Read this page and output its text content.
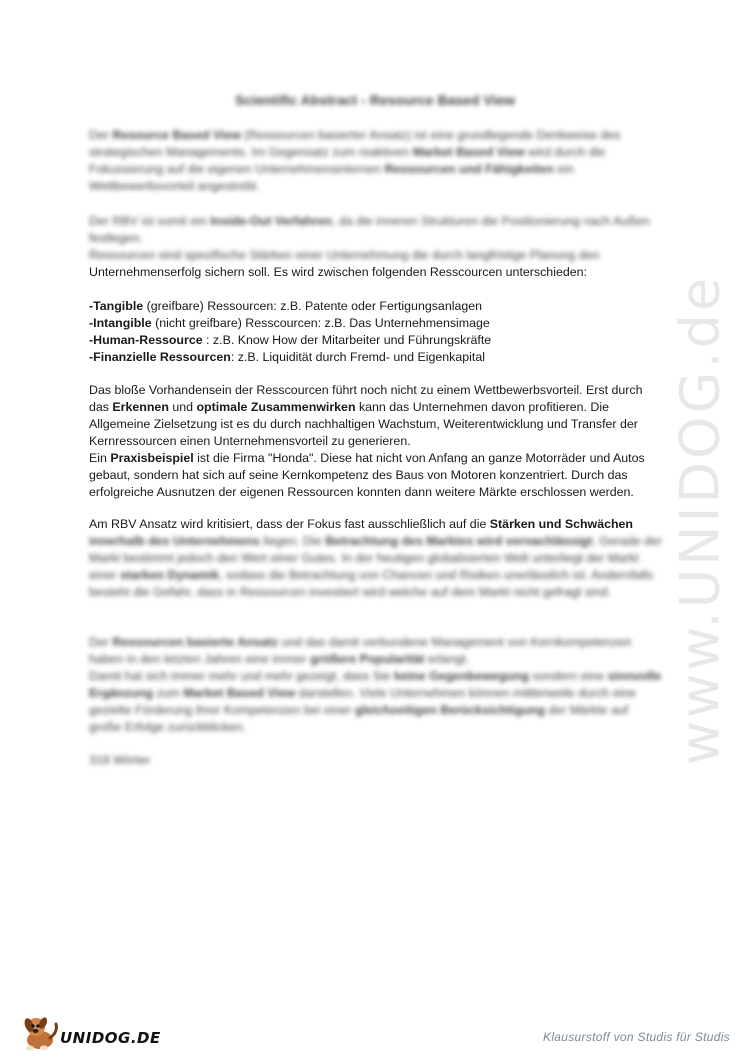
Scientific Abstract - Resource Based View
Der Resource Based View (Ressourcen basierter Ansatz) ist eine grundlegende Denkweise des strategischen Managements. Im Gegensatz zum reaktiven Market Based View wird durch die Fokussierung auf die eigenen Unternehmensinternen Ressourcen und Fähigkeiten ein Wettbewerbsvorteil angestrebt.

Der RBV ist somit ein Inside-Out Verfahren, da die inneren Strukturen die Positionierung nach Außen festlegen.

Ressourcen sind spezifische Stärken einer Unternehmung die durch langfristige Planung den

Unternehmenserfolg sichern soll. Es wird zwischen folgenden Resscourcen unterschieden:

-Tangible (greifbare) Ressourcen: z.B. Patente oder Fertigungsanlagen

-Intangible (nicht greifbare) Resscourcen: z.B. Das Unternehmensimage

-Human-Ressource : z.B. Know How der Mitarbeiter und Führungskräfte

-Finanzielle Ressourcen: z.B. Liquidität durch Fremd- und Eigenkapital

Das bloße Vorhandensein der Resscourcen führt noch nicht zu einem Wettbewerbsvorteil. Erst durch das Erkennen und optimale Zusammenwirken kann das Unternehmen davon profitieren. Die Allgemeine Zielsetzung ist es du durch nachhaltigen Wachstum, Weiterentwicklung und Transfer der Kernressourcen einen Unternehmensvorteil zu generieren.

Ein Praxisbeispiel ist die Firma "Honda". Diese hat nicht von Anfang an ganze Motorräder und Autos gebaut, sondern hat sich auf seine Kernkompetenz des Baus von Motoren konzentriert. Durch das erfolgreiche Ausnutzen der eigenen Ressourcen konnten dann weitere Märkte erschlossen werden.

Am RBV Ansatz wird kritisiert, dass der Fokus fast ausschließlich auf die Stärken und Schwächen
innerhalb des Unternehmens liegen. Die Betrachtung des Marktes wird vernachlässigt. Gerade der Markt bestimmt jedoch den Wert einer Gutes. In der heutigen globalisierten Welt unterliegt der Markt einer starken Dynamik, sodass die Betrachtung von Chancen und Risiken unerlässlich ist. Andernfalls besteht die Gefahr, dass in Ressourcen investiert wird welche auf dem Markt nicht gefragt sind.

Der Ressourcen basierte Ansatz und das damit verbundene Management von Kernkompetenzen haben in den letzten Jahren eine immer größere Popularität erlangt.

Damit hat sich immer mehr und mehr gezeigt, dass Sie keine Gegenbewegung sondern eine sinnvolle Ergänzung zum Market Based View darstellen. Viele Unternehmen können mittlerweile durch eine gezielte Förderung ihrer Kompetenzen bei einer gleichzeitigen Berücksichtigung der Märkte auf große Erfolge zurückblicken.

318 Wörter	www.UNIDOG.de
UNIDOG.DE	Klausurstoff von Studis für Studis
